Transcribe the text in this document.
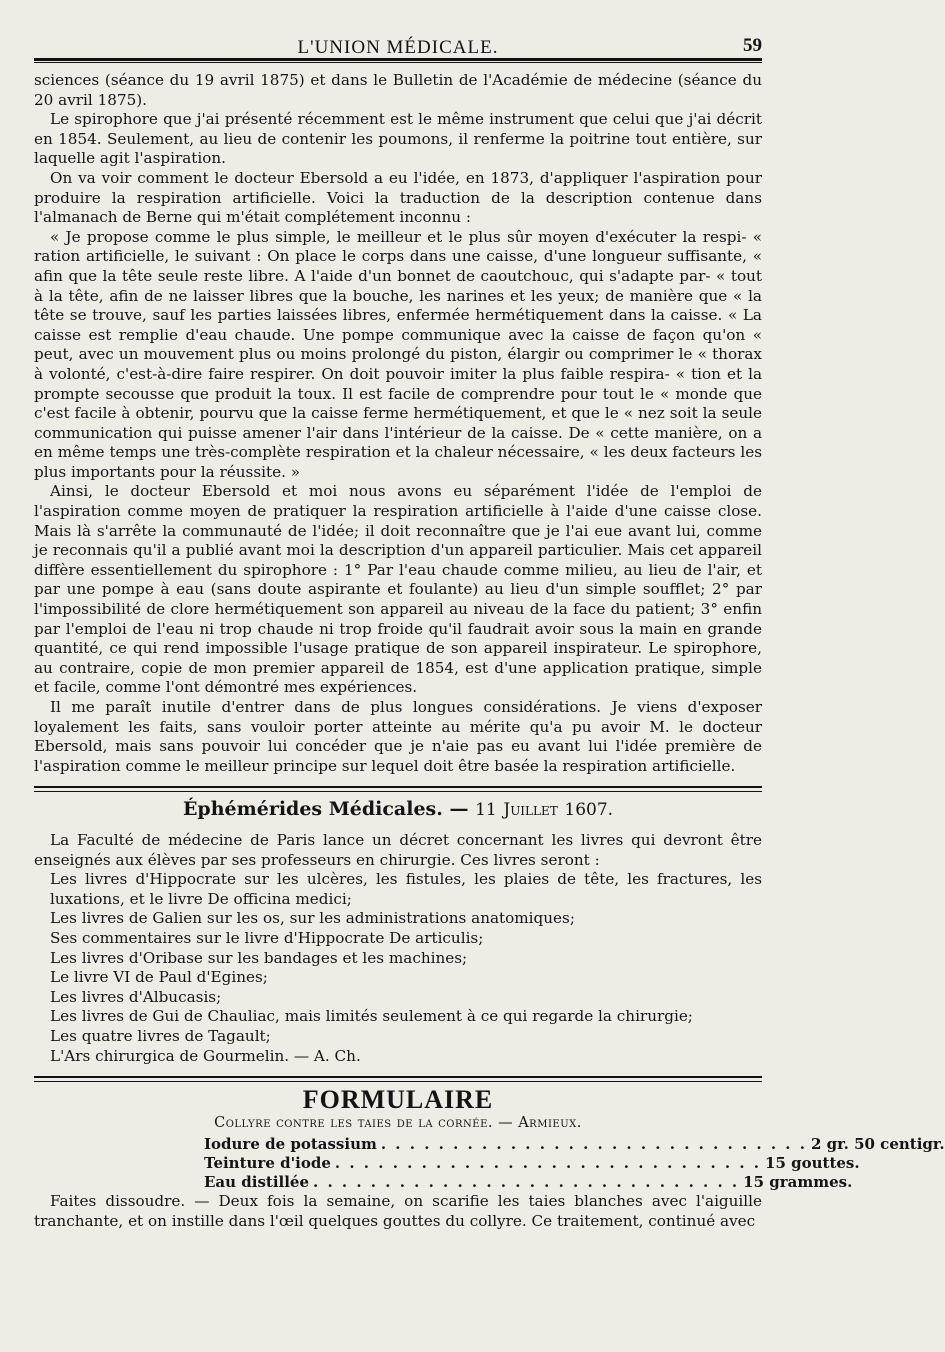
L'UNION MÉDICALE.	59

sciences (séance du 19 avril 1875) et dans le Bulletin de l'Académie de médecine (séance du 20 avril 1875).

Le spirophore que j'ai présenté récemment est le même instrument que celui que j'ai décrit en 1854. Seulement, au lieu de contenir les poumons, il renferme la poitrine tout entière, sur laquelle agit l'aspiration.

On va voir comment le docteur Ebersold a eu l'idée, en 1873, d'appliquer l'aspiration pour produire la respiration artificielle. Voici la traduction de la description contenue dans l'almanach de Berne qui m'était complétement inconnu :

« Je propose comme le plus simple, le meilleur et le plus sûr moyen d'exécuter la respi- « ration artificielle, le suivant : On place le corps dans une caisse, d'une longueur suffisante, « afin que la tête seule reste libre. A l'aide d'un bonnet de caoutchouc, qui s'adapte par- « tout à la tête, afin de ne laisser libres que la bouche, les narines et les yeux; de manière que « la tête se trouve, sauf les parties laissées libres, enfermée hermétiquement dans la caisse. « La caisse est remplie d'eau chaude. Une pompe communique avec la caisse de façon qu'on « peut, avec un mouvement plus ou moins prolongé du piston, élargir ou comprimer le « thorax à volonté, c'est-à-dire faire respirer. On doit pouvoir imiter la plus faible respira- « tion et la prompte secousse que produit la toux. Il est facile de comprendre pour tout le « monde que c'est facile à obtenir, pourvu que la caisse ferme hermétiquement, et que le « nez soit la seule communication qui puisse amener l'air dans l'intérieur de la caisse. De « cette manière, on a en même temps une très-complète respiration et la chaleur nécessaire, « les deux facteurs les plus importants pour la réussite. »

Ainsi, le docteur Ebersold et moi nous avons eu séparément l'idée de l'emploi de l'aspiration comme moyen de pratiquer la respiration artificielle à l'aide d'une caisse close. Mais là s'arrête la communauté de l'idée; il doit reconnaître que je l'ai eue avant lui, comme je reconnais qu'il a publié avant moi la description d'un appareil particulier. Mais cet appareil diffère essentiellement du spirophore : 1° Par l'eau chaude comme milieu, au lieu de l'air, et par une pompe à eau (sans doute aspirante et foulante) au lieu d'un simple soufflet; 2° par l'impossibilité de clore hermétiquement son appareil au niveau de la face du patient; 3° enfin par l'emploi de l'eau ni trop chaude ni trop froide qu'il faudrait avoir sous la main en grande quantité, ce qui rend impossible l'usage pratique de son appareil inspirateur. Le spirophore, au contraire, copie de mon premier appareil de 1854, est d'une application pratique, simple et facile, comme l'ont démontré mes expériences.

Il me paraît inutile d'entrer dans de plus longues considérations. Je viens d'exposer loyalement les faits, sans vouloir porter atteinte au mérite qu'a pu avoir M. le docteur Ebersold, mais sans pouvoir lui concéder que je n'aie pas eu avant lui l'idée première de l'aspiration comme le meilleur principe sur lequel doit être basée la respiration artificielle.

Éphémérides Médicales. — 11 Juillet 1607.

La Faculté de médecine de Paris lance un décret concernant les livres qui devront être enseignés aux élèves par ses professeurs en chirurgie. Ces livres seront :

Les livres d'Hippocrate sur les ulcères, les fistules, les plaies de tête, les fractures, les luxations, et le livre De officina medici;

Les livres de Galien sur les os, sur les administrations anatomiques;

Ses commentaires sur le livre d'Hippocrate De articulis;

Les livres d'Oribase sur les bandages et les machines;

Le livre VI de Paul d'Egines;

Les livres d'Albucasis;

Les livres de Gui de Chauliac, mais limités seulement à ce qui regarde la chirurgie;

Les quatre livres de Tagault;

L'Ars chirurgica de Gourmelin. — A. Ch.

FORMULAIRE
Collyre contre les taies de la cornée. — Armieux.
Iodure de potassium . . . . . . . . . . . . . . . . . . . . . . . . . . . . . . 2 gr. 50 centigr.
Teinture d'iode . . . . . . . . . . . . . . . . . . . . . . . . . . . . . . 15 gouttes.
Eau distillée . . . . . . . . . . . . . . . . . . . . . . . . . . . . . . 15 grammes.

Faites dissoudre. — Deux fois la semaine, on scarifie les taies blanches avec l'aiguille tranchante, et on instille dans l'œil quelques gouttes du collyre. Ce traitement, continué avec
